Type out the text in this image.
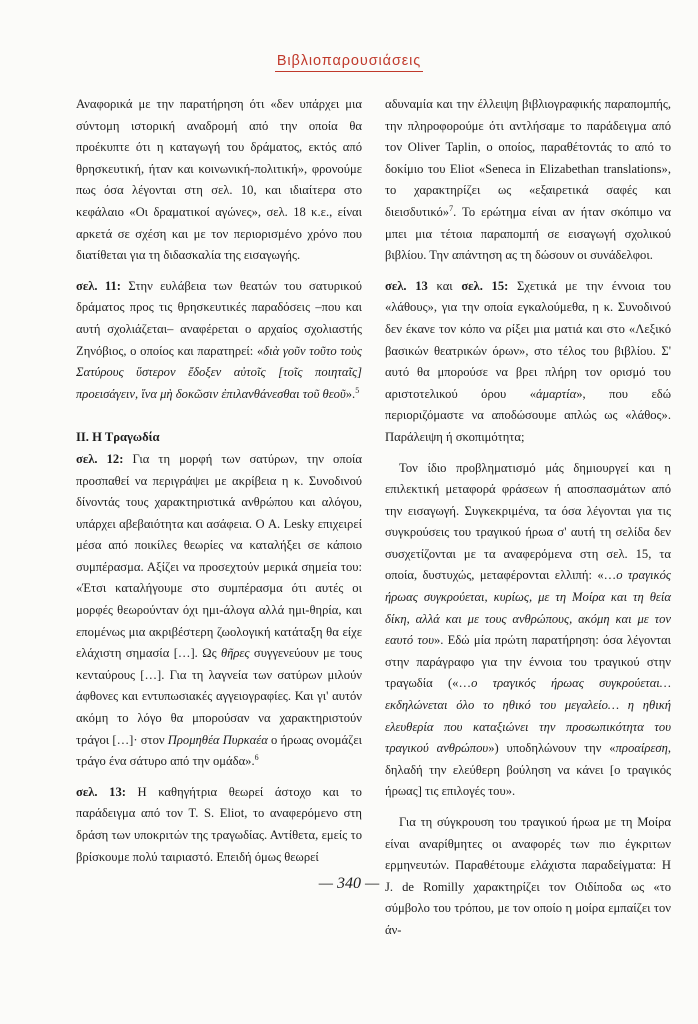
Βιβλιοπαρουσιάσεις

Αναφορικά με την παρατήρηση ότι «δεν υπάρχει μια σύντομη ιστορική αναδρομή από την οποία θα προέκυπτε ότι η καταγωγή του δράματος, εκτός από θρησκευτική, ήταν και κοινωνική-πολιτική», φρονούμε πως όσα λέγονται στη σελ. 10, και ιδιαίτερα στο κεφάλαιο «Οι δραματικοί αγώνες», σελ. 18 κ.ε., είναι αρκετά σε σχέση και με τον περιορισμένο χρόνο που διατίθεται για τη διδασκαλία της εισαγωγής.

σελ. 11: Στην ευλάβεια των θεατών του σατυρικού δράματος προς τις θρησκευτικές παραδόσεις –που και αυτή σχολιάζεται– αναφέρεται ο αρχαίος σχολιαστής Ζηνόβιος, ο οποίος και παρατηρεί: «διὰ γοῦν τοῦτο τοὺς Σατύρους ὕστερον ἔδοξεν αὐτοῖς [τοῖς ποιηταῖς] προεισάγειν, ἵνα μὴ δοκῶσιν ἐπιλανθάνεσθαι τοῦ θεοῦ».$^5$

II. Η Τραγωδία

σελ. 12: Για τη μορφή των σατύρων, την οποία προσπαθεί να περιγράψει με ακρίβεια η κ. Συνοδινού δίνοντάς τους χαρακτηριστικά ανθρώπου και αλόγου, υπάρχει αβεβαιότητα και ασάφεια. Ο A. Lesky επιχειρεί μέσα από ποικίλες θεωρίες να καταλήξει σε κάποιο συμπέρασμα. Αξίζει να προσεχτούν μερικά σημεία του: «Έτσι καταλήγουμε στο συμπέρασμα ότι αυτές οι μορφές θεωρούνταν όχι ημι-άλογα αλλά ημι-θηρία, και επομένως μια ακριβέστερη ζωολογική κατάταξη θα είχε ελάχιστη σημασία […]. Ως θῆρες συγγενεύουν με τους κενταύρους […]. Για τη λαγνεία των σατύρων μιλούν άφθονες και εντυπωσιακές αγγειογραφίες. Και γι' αυτόν ακόμη το λόγο θα μπορούσαν να χαρακτηριστούν τράγοι […]· στον Προμηθέα Πυρκαέα ο ήρωας ονομάζει τράγο ένα σάτυρο από την ομάδα».$^6$

σελ. 13: Η καθηγήτρια θεωρεί άστοχο και το παράδειγμα από τον T. S. Eliot, το αναφερόμενο στη δράση των υποκριτών της τραγωδίας. Αντίθετα, εμείς το βρίσκουμε πολύ ταιριαστό. Επειδή όμως θεωρεί

αδυναμία και την έλλειψη βιβλιογραφικής παραπομπής, την πληροφορούμε ότι αντλήσαμε το παράδειγμα από τον Oliver Taplin, ο οποίος, παραθέτοντάς το από το δοκίμιο του Eliot «Seneca in Elizabethan translations», το χαρακτηρίζει ως «εξαιρετικά σαφές και διεισδυτικό»$^7$. Το ερώτημα είναι αν ήταν σκόπιμο να μπει μια τέτοια παραπομπή σε εισαγωγή σχολικού βιβλίου. Την απάντηση ας τη δώσουν οι συνάδελφοι.

σελ. 13 και σελ. 15: Σχετικά με την έννοια του «λάθους», για την οποία εγκαλούμεθα, η κ. Συνοδινού δεν έκανε τον κόπο να ρίξει μια ματιά και στο «Λεξικό βασικών θεατρικών όρων», στο τέλος του βιβλίου. Σ' αυτό θα μπορούσε να βρει πλήρη τον ορισμό του αριστοτελικού όρου «ἁμαρτία», που εδώ περιοριζόμαστε να αποδώσουμε απλώς ως «λάθος». Παράλειψη ή σκοπιμότητα;

Τον ίδιο προβληματισμό μάς δημιουργεί και η επιλεκτική μεταφορά φράσεων ή αποσπασμάτων από την εισαγωγή. Συγκεκριμένα, τα όσα λέγονται για τις συγκρούσεις του τραγικού ήρωα σ' αυτή τη σελίδα δεν συσχετίζονται με τα αναφερόμενα στη σελ. 15, τα οποία, δυστυχώς, μεταφέρονται ελλιπή: «…ο τραγικός ήρωας συγκρούεται, κυρίως, με τη Μοίρα και τη θεία δίκη, αλλά και με τους ανθρώπους, ακόμη και με τον εαυτό του». Εδώ μία πρώτη παρατήρηση: όσα λέγονται στην παράγραφο για την έννοια του τραγικού στην τραγωδία («…ο τραγικός ήρωας συγκρούεται… εκδηλώνεται όλο το ηθικό του μεγαλείο… η ηθική ελευθερία που καταξιώνει την προσωπικότητα του τραγικού ανθρώπου») υποδηλώνουν την «προαίρεση, δηλαδή την ελεύθερη βούληση να κάνει [ο τραγικός ήρωας] τις επιλογές του».

Για τη σύγκρουση του τραγικού ήρωα με τη Μοίρα είναι αναρίθμητες οι αναφορές των πιο έγκριτων ερμηνευτών. Παραθέτουμε ελάχιστα παραδείγματα: H J. de Romilly χαρακτηρίζει τον Οιδίποδα ως «το σύμβολο του τρόπου, με τον οποίο η μοίρα εμπαίζει τον άν-

— 340 —
